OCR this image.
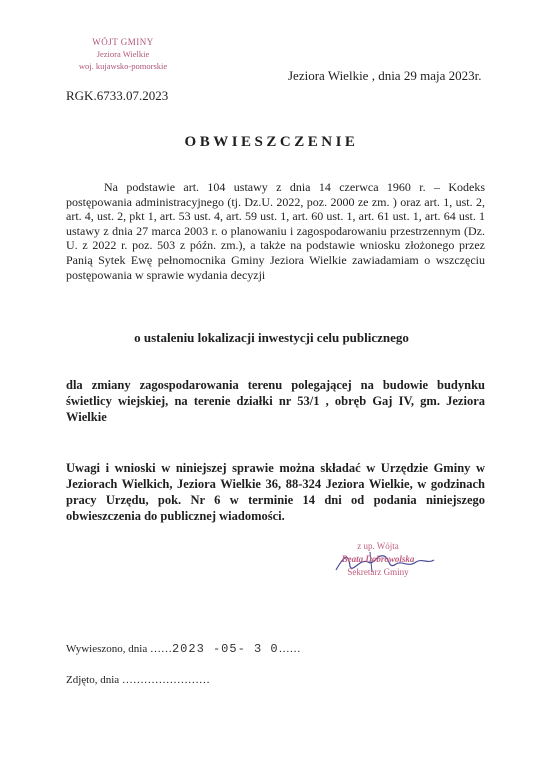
WÓJT GMINY
Jeziora Wielkie
woj. kujawsko-pomorskie
Jeziora Wielkie , dnia 29 maja 2023r.
RGK.6733.07.2023
OBWIESZCZENIE
Na podstawie art. 104 ustawy z dnia 14 czerwca 1960 r. – Kodeks postępowania administracyjnego (tj. Dz.U. 2022, poz. 2000 ze zm. ) oraz art. 1, ust. 2, art. 4, ust. 2, pkt 1, art. 53 ust. 4, art. 59 ust. 1, art. 60 ust. 1, art. 61 ust. 1, art. 64 ust. 1 ustawy z dnia 27 marca 2003 r. o planowaniu i zagospodarowaniu przestrzennym (Dz. U. z 2022 r. poz. 503 z późn. zm.), a także na podstawie wniosku złożonego przez Panią Sytek Ewę pełnomocnika Gminy Jeziora Wielkie zawiadamiam o wszczęciu postępowania w sprawie wydania decyzji
o ustaleniu lokalizacji inwestycji celu publicznego
dla zmiany zagospodarowania terenu polegającej na budowie budynku świetlicy wiejskiej, na terenie działki nr 53/1 , obręb Gaj IV, gm. Jeziora Wielkie
Uwagi i wnioski w niniejszej sprawie można składać w Urzędzie Gminy w Jeziorach Wielkich, Jeziora Wielkie 36, 88-324 Jeziora Wielkie, w godzinach pracy Urzędu, pok. Nr 6 w terminie 14 dni od podania niniejszego obwieszczenia do publicznej wiadomości.
z up. Wójta
Beata Dobrowolska
Sekretarz Gminy
Wywieszono, dnia ……2023 -05- 3 0……
Zdjęto, dnia ……………………
